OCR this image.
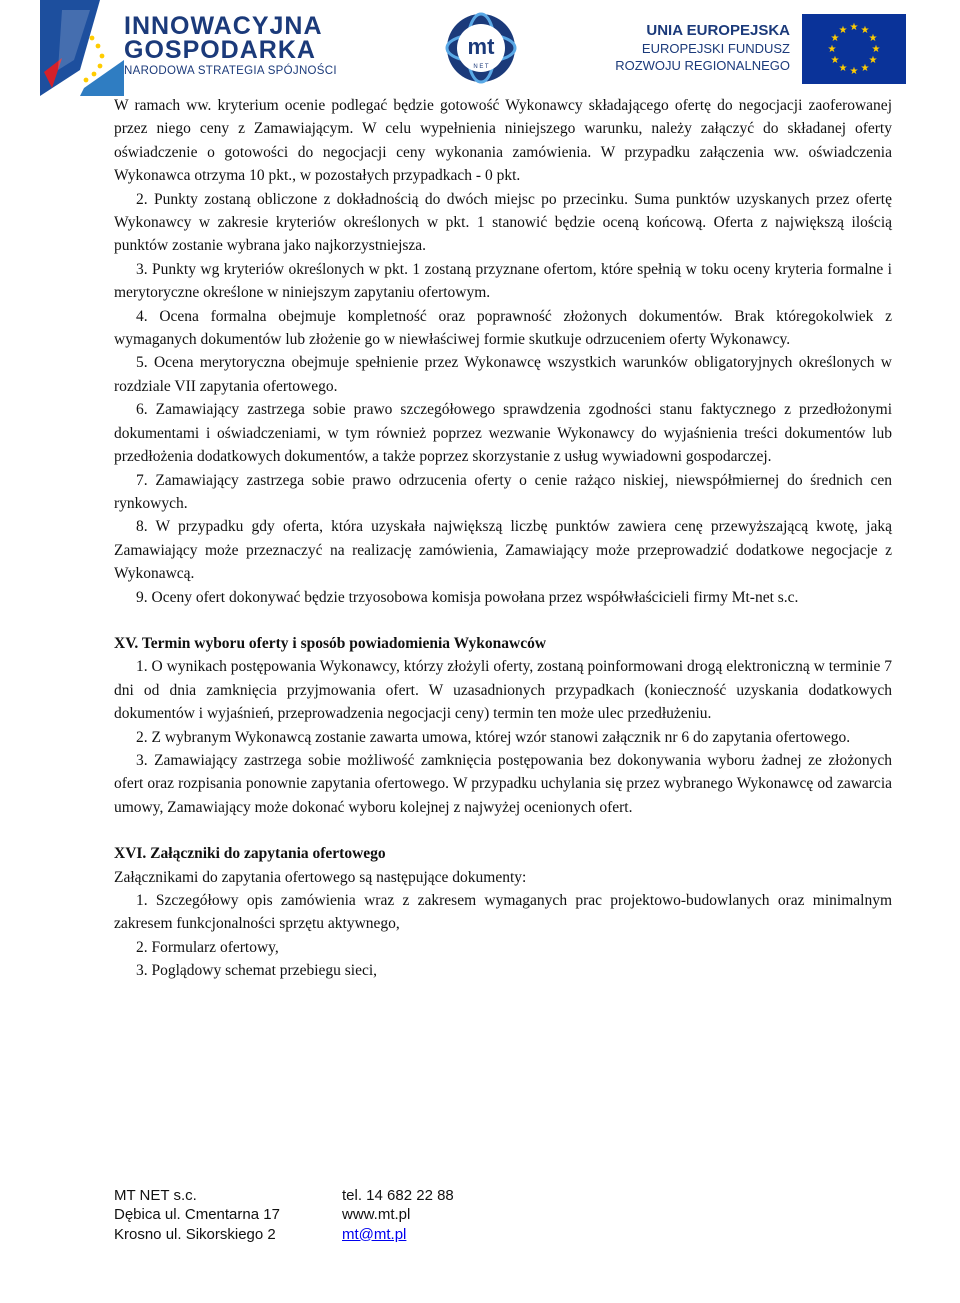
INNOWACYJNA
GOSPODARKA
NARODOWA STRATEGIA SPÓJNOŚCI
mt
N E T
UNIA EUROPEJSKA
EUROPEJSKI FUNDUSZ
ROZWOJU REGIONALNEGO
★ ★
★
★
★
★
★
★
★
★
★
★

W ramach ww. kryterium ocenie podlegać będzie gotowość Wykonawcy składającego ofertę do negocjacji zaoferowanej przez niego ceny z Zamawiającym. W celu wypełnienia niniejszego warunku, należy załączyć do składanej oferty oświadczenie o gotowości do negocjacji ceny wykonania zamówienia. W przypadku załączenia ww. oświadczenia Wykonawca otrzyma 10 pkt., w pozostałych przypadkach - 0 pkt.

2. Punkty zostaną obliczone z dokładnością do dwóch miejsc po przecinku. Suma punktów uzyskanych przez ofertę Wykonawcy w zakresie kryteriów określonych w pkt. 1 stanowić będzie oceną końcową. Oferta z największą ilością punktów zostanie wybrana jako najkorzystniejsza.

3. Punkty wg kryteriów określonych w pkt. 1 zostaną przyznane ofertom, które spełnią w toku oceny kryteria formalne i merytoryczne określone w niniejszym zapytaniu ofertowym.

4. Ocena formalna obejmuje kompletność oraz poprawność złożonych dokumentów. Brak któregokolwiek z wymaganych dokumentów lub złożenie go w niewłaściwej formie skutkuje odrzuceniem oferty Wykonawcy.

5. Ocena merytoryczna obejmuje spełnienie przez Wykonawcę wszystkich warunków obligatoryjnych określonych w rozdziale VII zapytania ofertowego.

6. Zamawiający zastrzega sobie prawo szczegółowego sprawdzenia zgodności stanu faktycznego z przedłożonymi dokumentami i oświadczeniami, w tym również poprzez wezwanie Wykonawcy do wyjaśnienia treści dokumentów lub przedłożenia dodatkowych dokumentów, a także poprzez skorzystanie z usług wywiadowni gospodarczej.

7. Zamawiający zastrzega sobie prawo odrzucenia oferty o cenie rażąco niskiej, niewspółmiernej do średnich cen rynkowych.

8. W przypadku gdy oferta, która uzyskała największą liczbę punktów zawiera cenę przewyższającą kwotę, jaką Zamawiający może przeznaczyć na realizację zamówienia, Zamawiający może przeprowadzić dodatkowe negocjacje z Wykonawcą.

9. Oceny ofert dokonywać będzie trzyosobowa komisja powołana przez współwłaścicieli firmy Mt-net s.c.

XV. Termin wyboru oferty i sposób powiadomienia Wykonawców

1. O wynikach postępowania Wykonawcy, którzy złożyli oferty, zostaną poinformowani drogą elektroniczną w terminie 7 dni od dnia zamknięcia przyjmowania ofert. W uzasadnionych przypadkach (konieczność uzyskania dodatkowych dokumentów i wyjaśnień, przeprowadzenia negocjacji ceny) termin ten może ulec przedłużeniu.

2. Z wybranym Wykonawcą zostanie zawarta umowa, której wzór stanowi załącznik nr 6 do zapytania ofertowego.

3. Zamawiający zastrzega sobie możliwość zamknięcia postępowania bez dokonywania wyboru żadnej ze złożonych ofert oraz rozpisania ponownie zapytania ofertowego. W przypadku uchylania się przez wybranego Wykonawcę od zawarcia umowy, Zamawiający może dokonać wyboru kolejnej z najwyżej ocenionych ofert.

XVI. Załączniki do zapytania ofertowego

Załącznikami do zapytania ofertowego są następujące dokumenty:

1. Szczegółowy opis zamówienia wraz z zakresem wymaganych prac projektowo-budowlanych oraz minimalnym zakresem funkcjonalności sprzętu aktywnego,

2. Formularz ofertowy,

3. Poglądowy schemat przebiegu sieci,

MT NET s.c.	tel. 14 682 22 88
Dębica ul. Cmentarna 17	www.mt.pl
Krosno ul. Sikorskiego 2	mt@mt.pl
